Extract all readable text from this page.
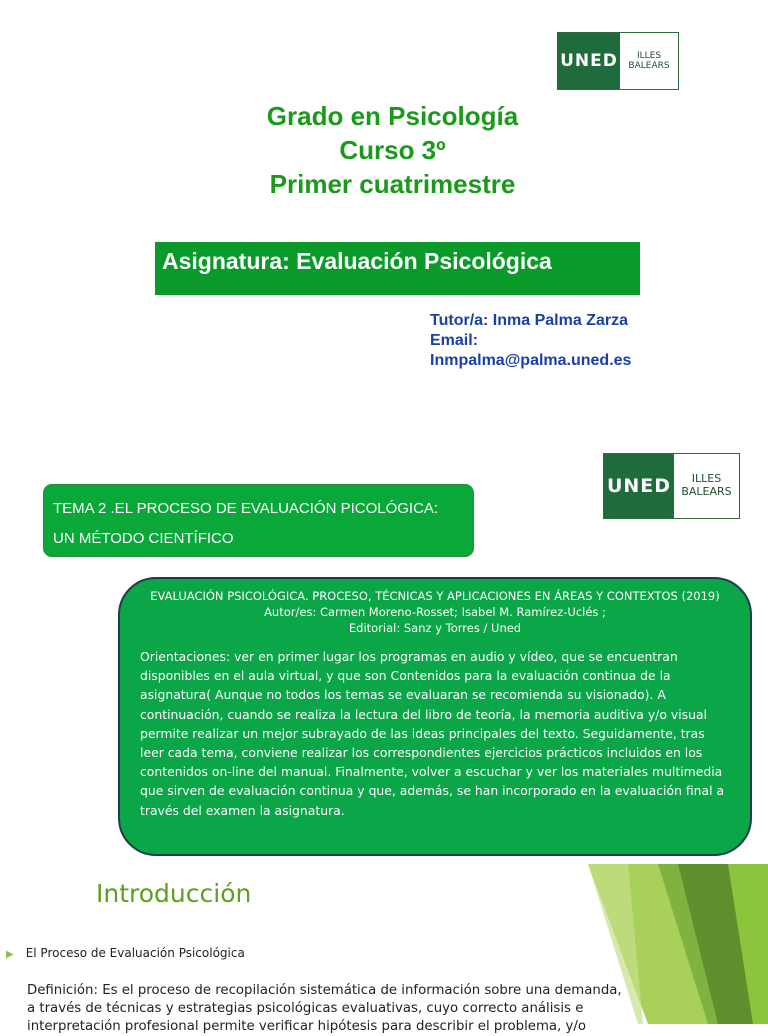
UNED ILLES
BALEARS
Grado en Psicología
Curso 3º
Primer cuatrimestre
Asignatura: Evaluación Psicológica
Tutor/a: Inma Palma Zarza
Email:
Inmpalma@palma.uned.es
UNED ILLES
BALEARS
TEMA 2 .EL PROCESO DE EVALUACIÓN PICOLÓGICA:
UN MÉTODO CIENTÍFICO
EVALUACIÓN PSICOLÓGICA. PROCESO, TÉCNICAS Y APLICACIONES EN ÁREAS Y CONTEXTOS (2019)
Autor/es: Carmen Moreno-Rosset; Isabel M. Ramírez-Uclés ;
Editorial: Sanz y Torres / Uned
Orientaciones: ver en primer lugar los programas en audio y vídeo, que se encuentran disponibles en el aula virtual, y que son Contenidos para la evaluación continua de la asignatura( Aunque no todos los temas se evaluaran se recomienda su visionado). A continuación, cuando se realiza la lectura del libro de teoría, la memoria auditiva y/o visual permite realizar un mejor subrayado de las ideas principales del texto. Seguidamente, tras leer cada tema, conviene realizar los correspondientes ejercicios prácticos incluidos en los contenidos on-line del manual. Finalmente, volver a escuchar y ver los materiales multimedia que sirven de evaluación continua y que, además, se han incorporado en la evaluación final a través del examen la asignatura.
Introducción
▶ El Proceso de Evaluación Psicológica
Definición: Es el proceso de recopilación sistemática de información sobre una demanda, a través de técnicas y estrategias psicológicas evaluativas, cuyo correcto análisis e interpretación profesional permite verificar hipótesis para describir el problema, y/o
